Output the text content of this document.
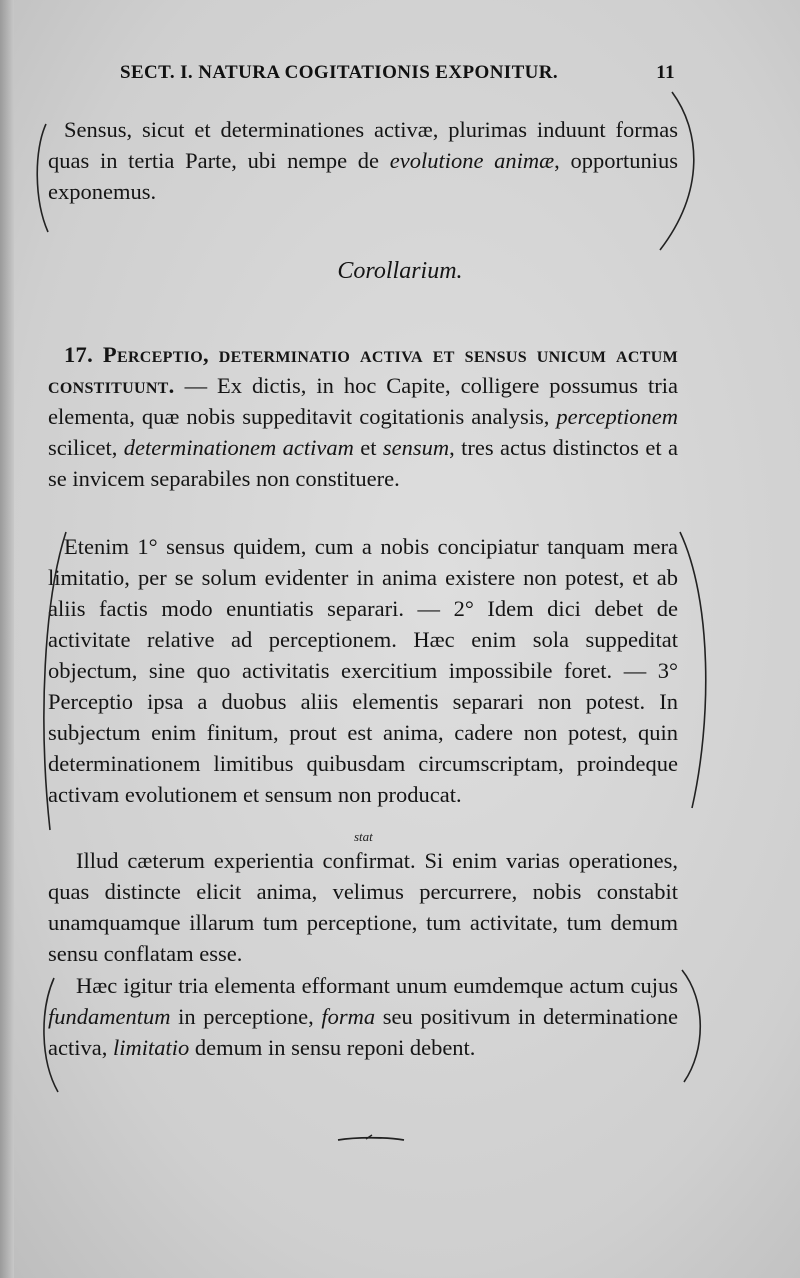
SECT. I. NATURA COGITATIONIS EXPONITUR.	11
Sensus, sicut et determinationes activæ, plurimas induunt formas quas in tertia Parte, ubi nempe de evolutione animæ, opportunius exponemus.
Corollarium.
17. Perceptio, determinatio activa et sensus unicum actum constituunt. — Ex dictis, in hoc Capite, colligere possumus tria elementa, quæ nobis suppeditavit cogitationis analysis, perceptionem scilicet, determinationem activam et sensum, tres actus distinctos et a se invicem separabiles non constituere.
Etenim 1° sensus quidem, cum a nobis concipiatur tanquam mera limitatio, per se solum evidenter in anima existere non potest, et ab aliis factis modo enuntiatis separari. — 2° Idem dici debet de activitate relative ad perceptionem. Hæc enim sola suppeditat objectum, sine quo activitatis exercitium impossibile foret. — 3° Perceptio ipsa a duobus aliis elementis separari non potest. In subjectum enim finitum, prout est anima, cadere non potest, quin determinationem limitibus quibusdam circumscriptam, proindeque activam evolutionem et sensum non producat.
Illud cæterum experientia confirmat. Si enim varias operationes, quas distincte elicit anima, velimus percurrere, nobis constabit unamquamque illarum tum perceptione, tum activitate, tum demum sensu conflatam esse.
Hæc igitur tria elementa efformant unum eumdemque actum cujus fundamentum in perceptione, forma seu positivum in determinatione activa, limitatio demum in sensu reponi debent.
stat
